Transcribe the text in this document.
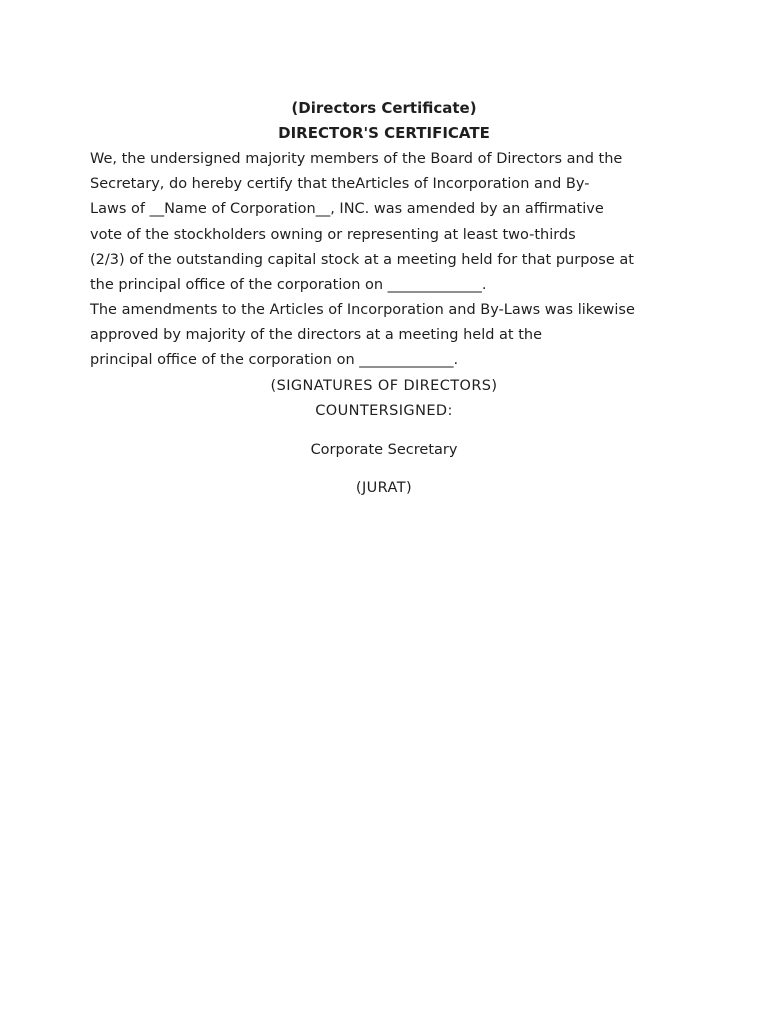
(Directors Certificate)

DIRECTOR'S CERTIFICATE

We, the undersigned majority members of the Board of Directors and the

Secretary, do hereby certify that theArticles of Incorporation and By-

Laws of __Name of Corporation__, INC. was amended by an affirmative

vote of the stockholders owning or representing at least two-thirds

(2/3) of the outstanding capital stock at a meeting held for that purpose at

the principal office of the corporation on _____________.

The amendments to the Articles of Incorporation and By-Laws was likewise

approved by majority of the directors at a meeting held at the

principal office of the corporation on _____________.

(SIGNATURES OF DIRECTORS)

COUNTERSIGNED:

Corporate Secretary

(JURAT)
